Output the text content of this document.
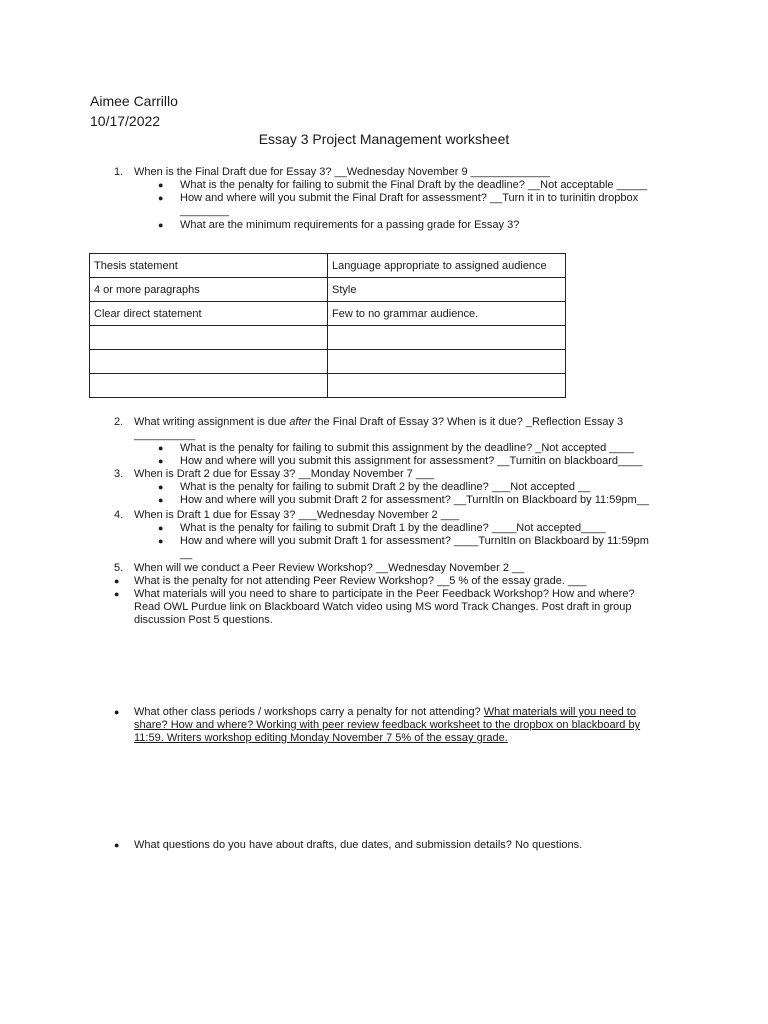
Aimee Carrillo
10/17/2022
Essay 3 Project Management worksheet
1. When is the Final Draft due for Essay 3? __Wednesday November 9 _____________
● What is the penalty for failing to submit the Final Draft by the deadline? __Not acceptable _____
● How and where will you submit the Final Draft for assessment? __Turn it in to turinitin dropbox
________
● What are the minimum requirements for a passing grade for Essay 3?
Thesis statement	Language appropriate to assigned audience
4 or more paragraphs	Style
Clear direct statement	Few to no grammar audience.

2. What writing assignment is due after the Final Draft of Essay 3? When is it due? _Reflection Essay 3
__________
● What is the penalty for failing to submit this assignment by the deadline? _Not accepted ____
● How and where will you submit this assignment for assessment? __Turnitin on blackboard____
3. When is Draft 2 due for Essay 3? __Monday November 7 ___
● What is the penalty for failing to submit Draft 2 by the deadline? ___Not accepted __
● How and where will you submit Draft 2 for assessment? __TurnItIn on Blackboard by 11:59pm__
4. When is Draft 1 due for Essay 3? ___Wednesday November 2 ___
● What is the penalty for failing to submit Draft 1 by the deadline? ____Not accepted____
● How and where will you submit Draft 1 for assessment? ____TurnItIn on Blackboard by 11:59pm
__
5. When will we conduct a Peer Review Workshop? __Wednesday November 2 __
● What is the penalty for not attending Peer Review Workshop? __5 % of the essay grade. ___
● What materials will you need to share to participate in the Peer Feedback Workshop? How and where?
Read OWL Purdue link on Blackboard Watch video using MS word Track Changes. Post draft in group
discussion Post 5 questions.
● What other class periods / workshops carry a penalty for not attending? What materials will you need to
share? How and where? Working with peer review feedback worksheet to the dropbox on blackboard by
11:59. Writers workshop editing Monday November 7 5% of the essay grade.
● What questions do you have about drafts, due dates, and submission details? No questions.
